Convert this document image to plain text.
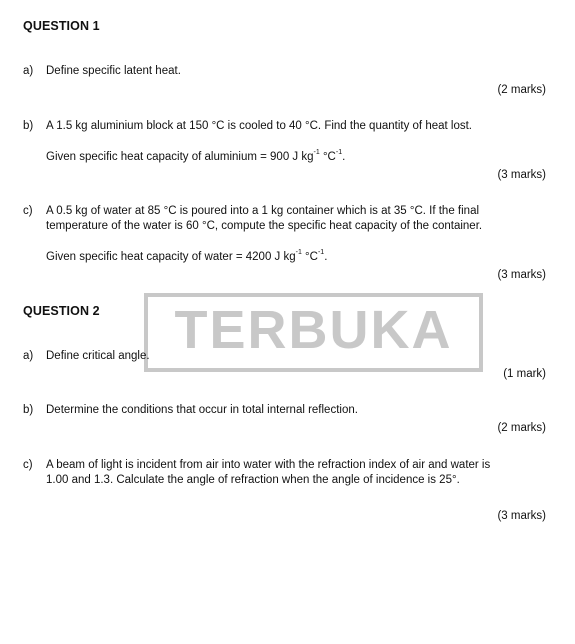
QUESTION 1
a) Define specific latent heat.
(2 marks)
b) A 1.5 kg aluminium block at 150 °C is cooled to 40 °C. Find the quantity of heat lost.
Given specific heat capacity of aluminium = 900 J $kg^{-1}$ $^\circ C^{-1}$.
(3 marks)
c) A 0.5 kg of water at 85 °C is poured into a 1 kg container which is at 35 °C. If the final
temperature of the water is 60 °C, compute the specific heat capacity of the container.
Given specific heat capacity of water = 4200 J $kg^{-1}$ $^\circ C^{-1}$.
(3 marks)
TERBUKA
QUESTION 2
a) Define critical angle.
(1 mark)
b) Determine the conditions that occur in total internal reflection.
(2 marks)
c) A beam of light is incident from air into water with the refraction index of air and water is
1.00 and 1.3. Calculate the angle of refraction when the angle of incidence is 25°.
(3 marks)
